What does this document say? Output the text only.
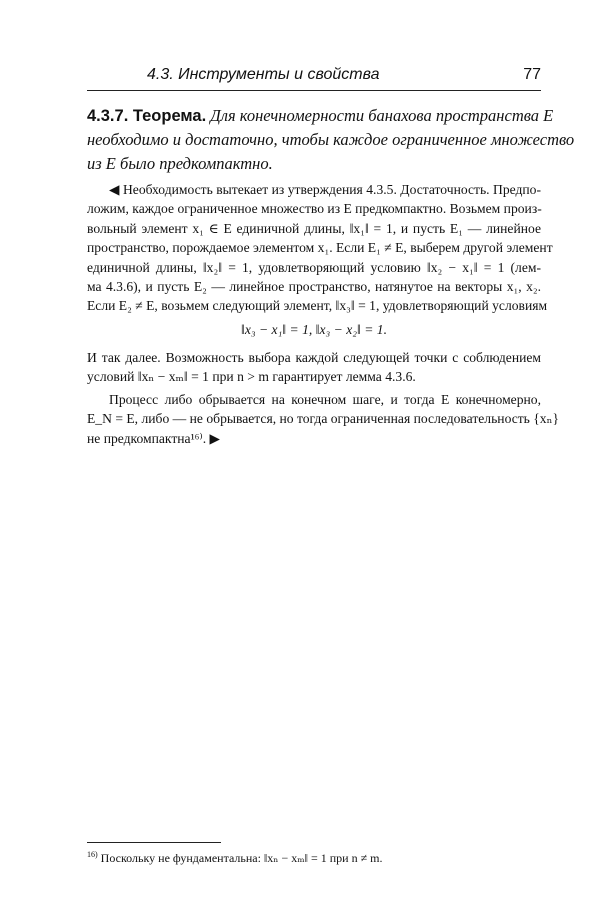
4.3. Инструменты и свойства	77
4.3.7. Теорема. Для конечномерности банахова пространства E
необходимо и достаточно, чтобы каждое ограниченное множество
из E было предкомпактно.
◀ Необходимость вытекает из утверждения 4.3.5. Достаточность. Предпо-
ложим, каждое ограниченное множество из E предкомпактно. Возьмем произ-
вольный элемент x₁ ∈ E единичной длины, ‖x₁‖ = 1, и пусть E₁ — линейное
пространство, порождаемое элементом x₁. Если E₁ ≠ E, выберем другой элемент
единичной длины, ‖x₂‖ = 1, удовлетворяющий условию ‖x₂ − x₁‖ = 1 (лем-
ма 4.3.6), и пусть E₂ — линейное пространство, натянутое на векторы x₁, x₂.
Если E₂ ≠ E, возьмем следующий элемент, ‖x₃‖ = 1, удовлетворяющий условиям
‖x₃ − x₁‖ = 1, ‖x₃ − x₂‖ = 1.
И так далее. Возможность выбора каждой следующей точки с соблюдением
условий ‖xₙ − xₘ‖ = 1 при n > m гарантирует лемма 4.3.6.
Процесс либо обрывается на конечном шаге, и тогда E конечномерно,
E_N = E, либо — не обрывается, но тогда ограниченная последовательность {xₙ}
не предкомпактна¹⁶⁾. ▶
$^{16)}$ Поскольку не фундаментальна: ‖xₙ − xₘ‖ = 1 при n ≠ m.
